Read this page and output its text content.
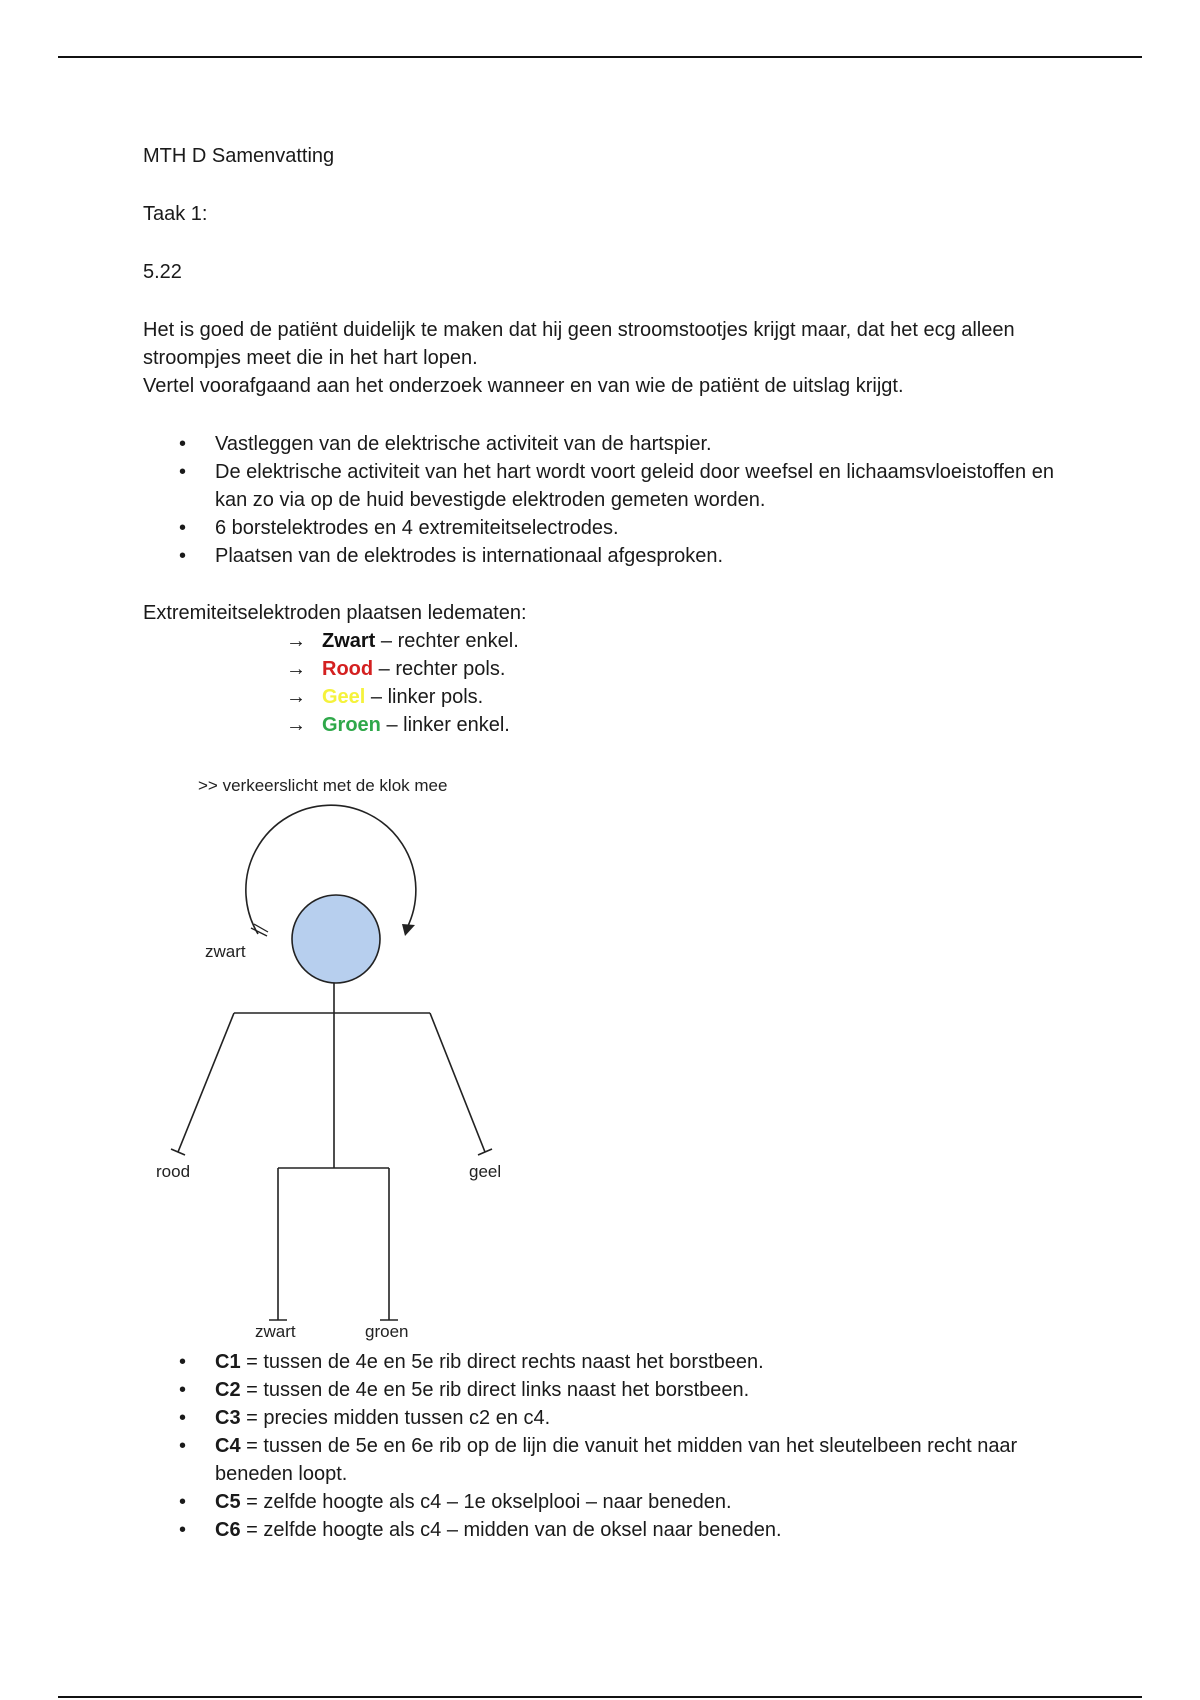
MTH D Samenvatting

Taak 1:

5.22

Het is goed de patiënt duidelijk te maken dat hij geen stroomstootjes krijgt maar, dat het ecg alleen stroompjes meet die in het hart lopen.

Vertel voorafgaand aan het onderzoek wanneer en van wie de patiënt de uitslag krijgt.

• Vastleggen van de elektrische activiteit van de hartspier.
• De elektrische activiteit van het hart wordt voort geleid door weefsel en lichaamsvloeistoffen en kan zo via op de huid bevestigde elektroden gemeten worden.
• 6 borstelektrodes en 4 extremiteitselectrodes.
• Plaatsen van de elektrodes is internationaal afgesproken.

Extremiteitselektroden plaatsen ledematen:

→ Zwart – rechter enkel.
→ Rood – rechter pols.
→ Geel – linker pols.
→ Groen – linker enkel.
>> verkeerslicht met de klok mee
zwart
rood	geel
zwart	groen
• C1 = tussen de 4e en 5e rib direct rechts naast het borstbeen.
• C2 = tussen de 4e en 5e rib direct links naast het borstbeen.
• C3 = precies midden tussen c2 en c4.
• C4 = tussen de 5e en 6e rib op de lijn die vanuit het midden van het sleutelbeen recht naar beneden loopt.
• C5 = zelfde hoogte als c4 – 1e okselplooi – naar beneden.
• C6 = zelfde hoogte als c4 – midden van de oksel naar beneden.
